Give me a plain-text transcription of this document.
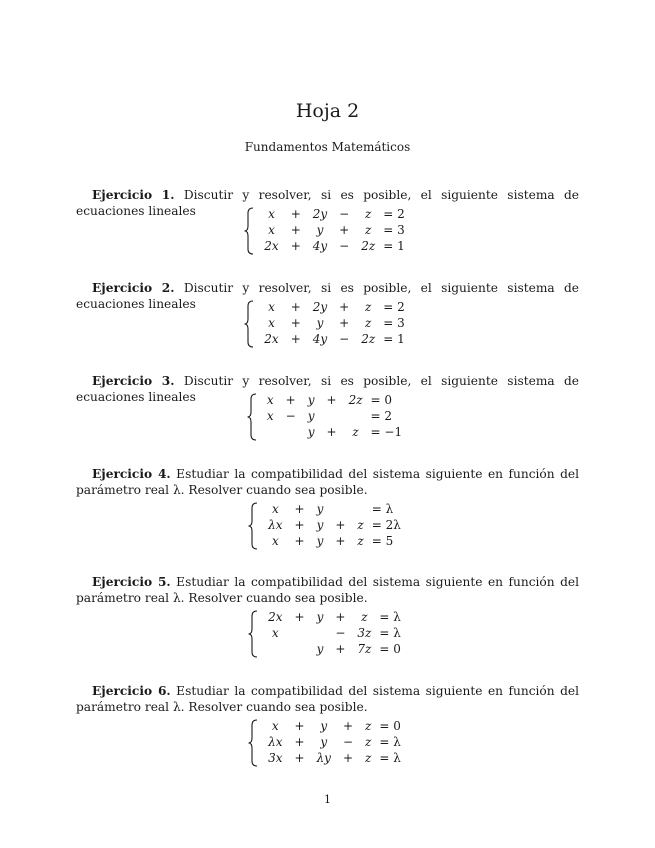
Hoja 2
Fundamentos Matemáticos
Ejercicio 1. Discutir y resolver, si es posible, el siguiente sistema de ecuaciones lineales	x	+	2y	−	z	= 2
x	+	y	+	z	= 3
2x	+	4y	−	2z	= 1
Ejercicio 2. Discutir y resolver, si es posible, el siguiente sistema de ecuaciones lineales	x	+	2y	+	z	= 2
x	+	y	+	z	= 3
2x	+	4y	−	2z	= 1
Ejercicio 3. Discutir y resolver, si es posible, el siguiente sistema de ecuaciones lineales	x	+	y	+	2z	= 0
x	−	y			= 2
		y	+	z	= −1
Ejercicio 4. Estudiar la compatibilidad del sistema siguiente en función del parámetro real λ. Resolver cuando sea posible.
x	+	y			= λ
λx	+	y	+	z	= 2λ
x	+	y	+	z	= 5
Ejercicio 5. Estudiar la compatibilidad del sistema siguiente en función del parámetro real λ. Resolver cuando sea posible.
2x	+	y	+	z	= λ
x			−	3z	= λ
		y	+	7z	= 0
Ejercicio 6. Estudiar la compatibilidad del sistema siguiente en función del parámetro real λ. Resolver cuando sea posible.
x	+	y	+	z	= 0
λx	+	y	−	z	= λ
3x	+	λy	+	z	= λ
1
